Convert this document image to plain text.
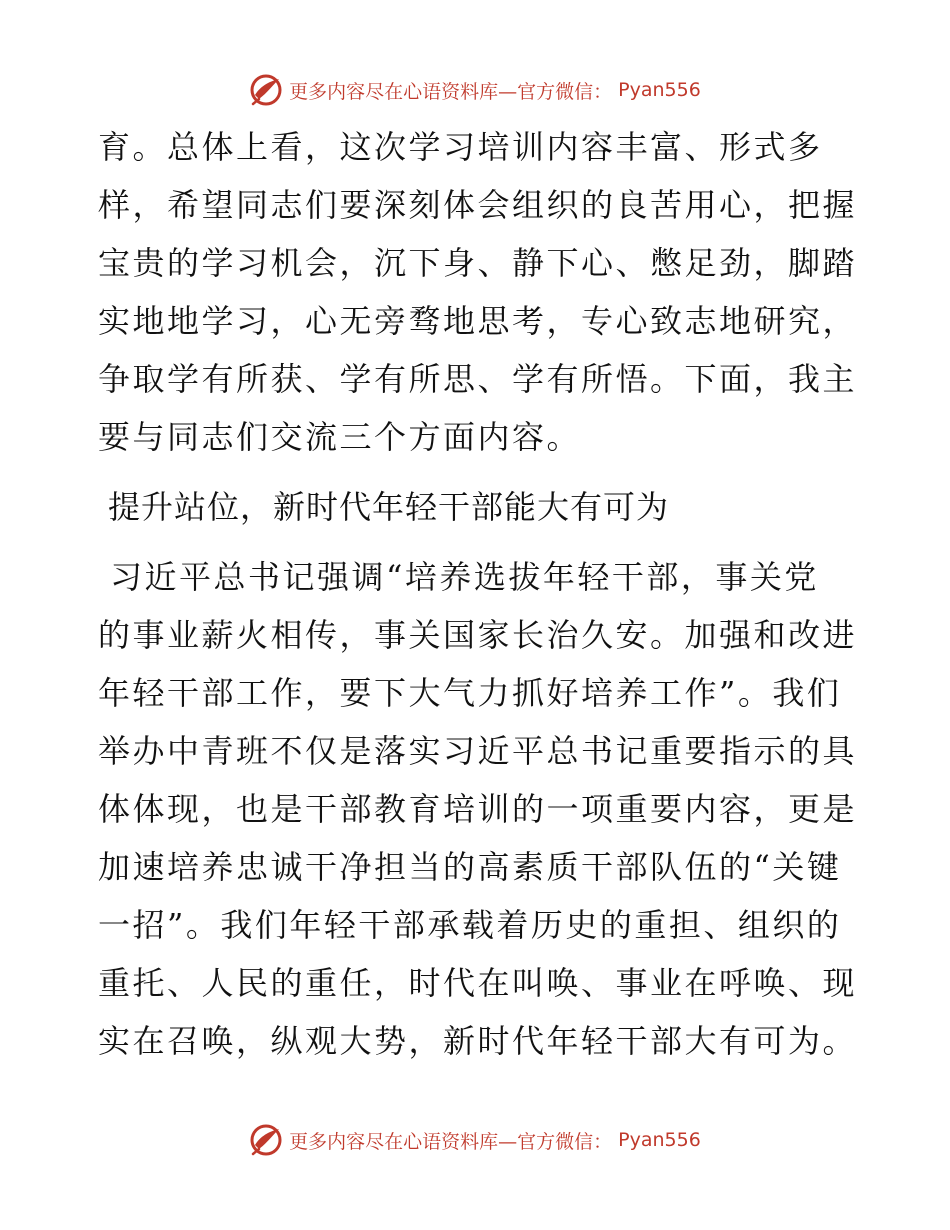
更多内容尽在心语资料库—官方微信： Pyan556

育。总体上看，这次学习培训内容丰富、形式多
样，希望同志们要深刻体会组织的良苦用心，把握
宝贵的学习机会，沉下身、静下心、憋足劲，脚踏
实地地学习，心无旁骛地思考，专心致志地研究，
争取学有所获、学有所思、学有所悟。下面，我主
要与同志们交流三个方面内容。

提升站位，新时代年轻干部能大有可为

习近平总书记强调“培养选拔年轻干部，事关党
的事业薪火相传，事关国家长治久安。加强和改进
年轻干部工作，要下大气力抓好培养工作”。我们
举办中青班不仅是落实习近平总书记重要指示的具
体体现，也是干部教育培训的一项重要内容，更是
加速培养忠诚干净担当的高素质干部队伍的“关键
一招”。我们年轻干部承载着历史的重担、组织的
重托、人民的重任，时代在叫唤、事业在呼唤、现
实在召唤，纵观大势，新时代年轻干部大有可为。

更多内容尽在心语资料库—官方微信： Pyan556
